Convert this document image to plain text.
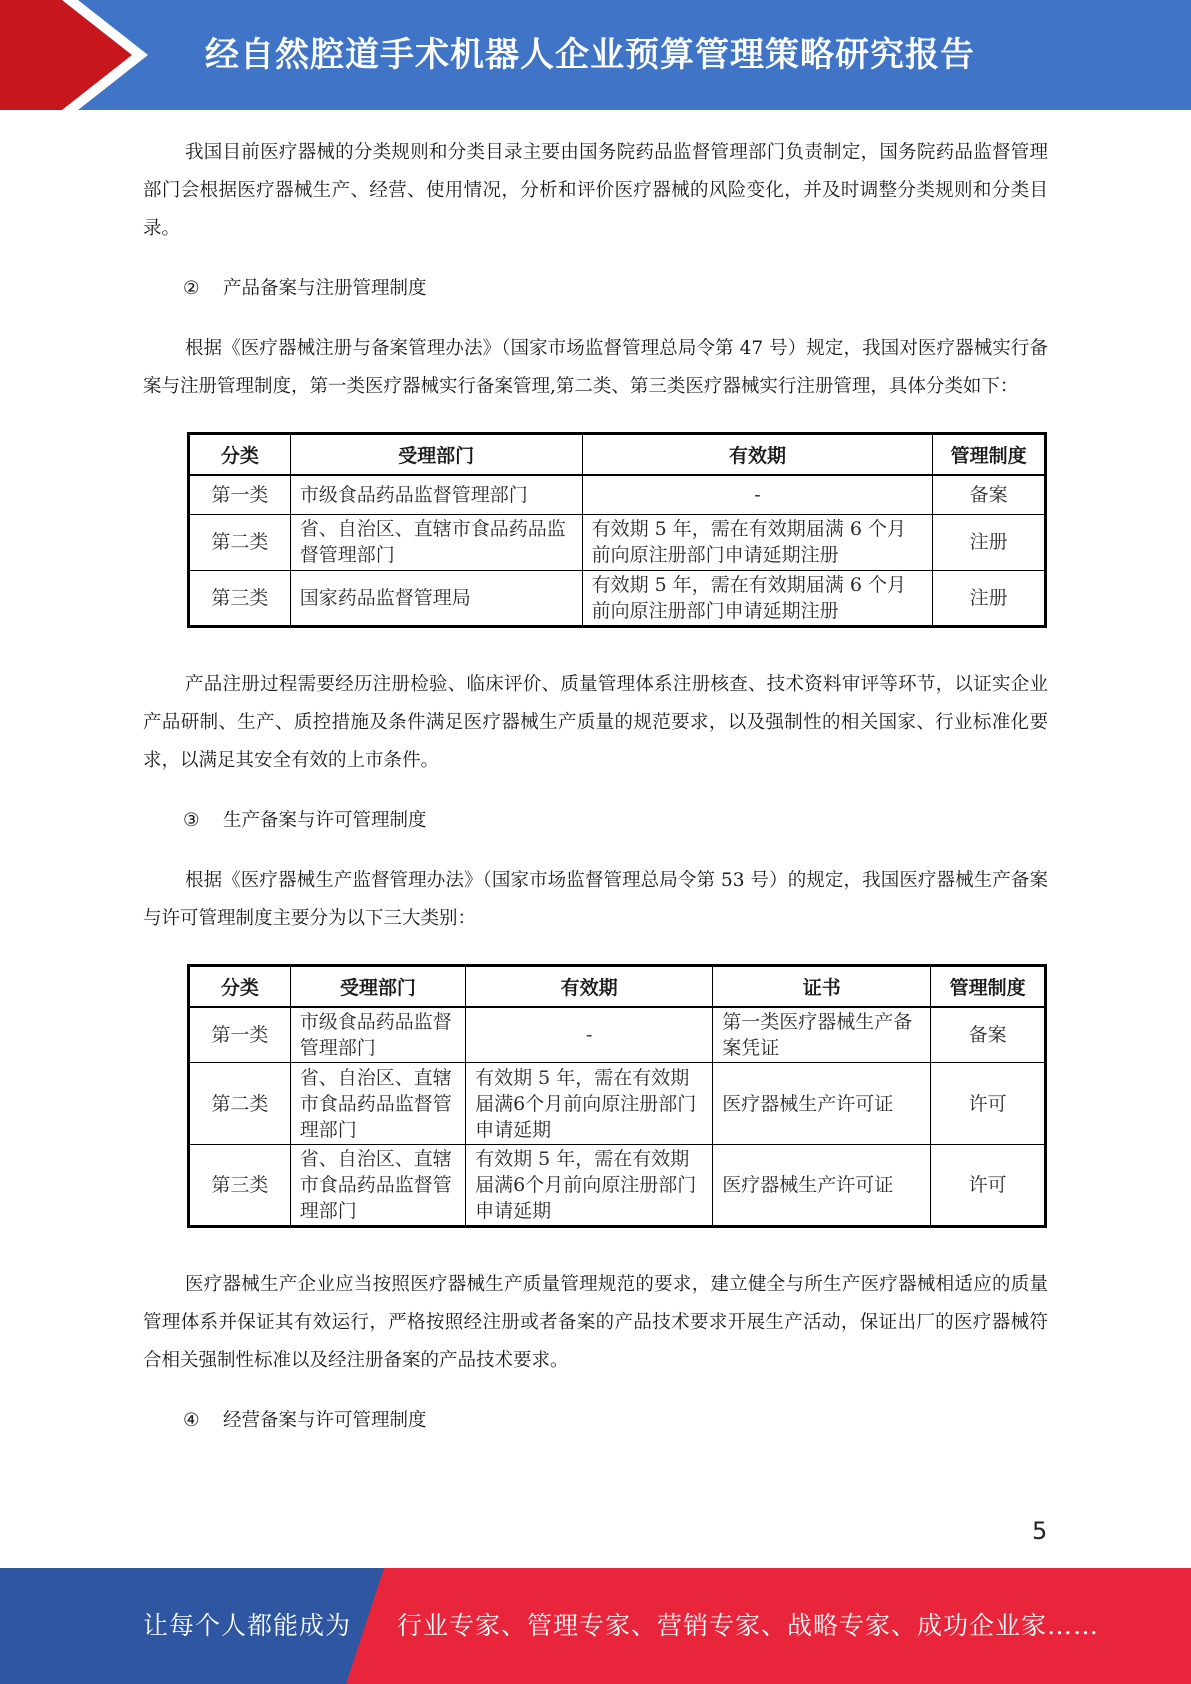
经自然腔道手术机器人企业预算管理策略研究报告

我国目前医疗器械的分类规则和分类目录主要由国务院药品监督管理部门负责制定，国务院药品监督管理部门会根据医疗器械生产、经营、使用情况，分析和评价医疗器械的风险变化，并及时调整分类规则和分类目录。

② 产品备案与注册管理制度

根据《医疗器械注册与备案管理办法》（国家市场监督管理总局令第 47 号）规定，我国对医疗器械实行备案与注册管理制度，第一类医疗器械实行备案管理,第二类、第三类医疗器械实行注册管理，具体分类如下：

分类	受理部门	有效期	管理制度
第一类	市级食品药品监督管理部门	-	备案
第二类	省、自治区、直辖市食品药品监督管理部门	有效期 5 年，需在有效期届满 6 个月前向原注册部门申请延期注册	注册
第三类	国家药品监督管理局	有效期 5 年，需在有效期届满 6 个月前向原注册部门申请延期注册	注册

产品注册过程需要经历注册检验、临床评价、质量管理体系注册核查、技术资料审评等环节，以证实企业产品研制、生产、质控措施及条件满足医疗器械生产质量的规范要求，以及强制性的相关国家、行业标准化要求，以满足其安全有效的上市条件。

③ 生产备案与许可管理制度

根据《医疗器械生产监督管理办法》（国家市场监督管理总局令第 53 号）的规定，我国医疗器械生产备案与许可管理制度主要分为以下三大类别：

分类	受理部门	有效期	证书	管理制度
第一类	市级食品药品监督管理部门	-	第一类医疗器械生产备案凭证	备案
第二类	省、自治区、直辖市食品药品监督管理部门	有效期 5 年，需在有效期届满6个月前向原注册部门申请延期	医疗器械生产许可证	许可
第三类	省、自治区、直辖市食品药品监督管理部门	有效期 5 年，需在有效期届满6个月前向原注册部门申请延期	医疗器械生产许可证	许可

医疗器械生产企业应当按照医疗器械生产质量管理规范的要求，建立健全与所生产医疗器械相适应的质量管理体系并保证其有效运行，严格按照经注册或者备案的产品技术要求开展生产活动，保证出厂的医疗器械符合相关强制性标准以及经注册备案的产品技术要求。

④ 经营备案与许可管理制度

5
让每个人都能成为 行业专家、管理专家、营销专家、战略专家、成功企业家……
